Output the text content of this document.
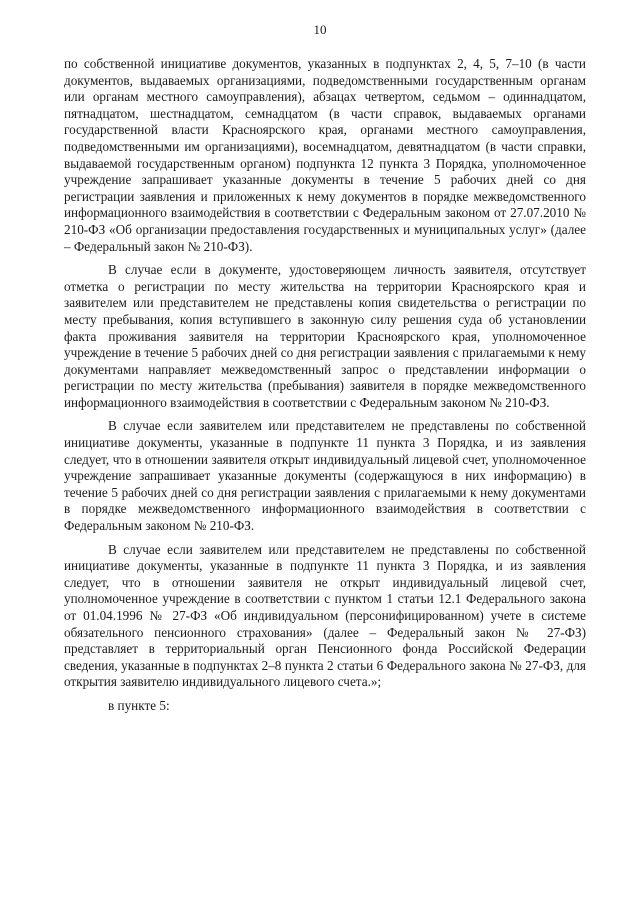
10

по собственной инициативе документов, указанных в подпунктах 2, 4, 5, 7–10 (в части документов, выдаваемых организациями, подведомственными государственным органам или органам местного самоуправления), абзацах четвертом, седьмом – одиннадцатом, пятнадцатом, шестнадцатом, семнадцатом (в части справок, выдаваемых органами государственной власти Красноярского края, органами местного самоуправления, подведомственными им организациями), восемнадцатом, девятнадцатом (в части справки, выдаваемой государственным органом) подпункта 12 пункта 3 Порядка, уполномоченное учреждение запрашивает указанные документы в течение 5 рабочих дней со дня регистрации заявления и приложенных к нему документов в порядке межведомственного информационного взаимодействия в соответствии с Федеральным законом от 27.07.2010 № 210-ФЗ «Об организации предоставления государственных и муниципальных услуг» (далее – Федеральный закон № 210-ФЗ).

В случае если в документе, удостоверяющем личность заявителя, отсутствует отметка о регистрации по месту жительства на территории Красноярского края и заявителем или представителем не представлены копия свидетельства о регистрации по месту пребывания, копия вступившего в законную силу решения суда об установлении факта проживания заявителя на территории Красноярского края, уполномоченное учреждение в течение 5 рабочих дней со дня регистрации заявления с прилагаемыми к нему документами направляет межведомственный запрос о представлении информации о регистрации по месту жительства (пребывания) заявителя в порядке межведомственного информационного взаимодействия в соответствии с Федеральным законом № 210-ФЗ.

В случае если заявителем или представителем не представлены по собственной инициативе документы, указанные в подпункте 11 пункта 3 Порядка, и из заявления следует, что в отношении заявителя открыт индивидуальный лицевой счет, уполномоченное учреждение запрашивает указанные документы (содержащуюся в них информацию) в течение 5 рабочих дней со дня регистрации заявления с прилагаемыми к нему документами в порядке межведомственного информационного взаимодействия в соответствии с Федеральным законом № 210-ФЗ.

В случае если заявителем или представителем не представлены по собственной инициативе документы, указанные в подпункте 11 пункта 3 Порядка, и из заявления следует, что в отношении заявителя не открыт индивидуальный лицевой счет, уполномоченное учреждение в соответствии с пунктом 1 статьи 12.1 Федерального закона от 01.04.1996 № 27-ФЗ «Об индивидуальном (персонифицированном) учете в системе обязательного пенсионного страхования» (далее – Федеральный закон № 27-ФЗ) представляет в территориальный орган Пенсионного фонда Российской Федерации сведения, указанные в подпунктах 2–8 пункта 2 статьи 6 Федерального закона № 27-ФЗ, для открытия заявителю индивидуального лицевого счета.»;

в пункте 5:
